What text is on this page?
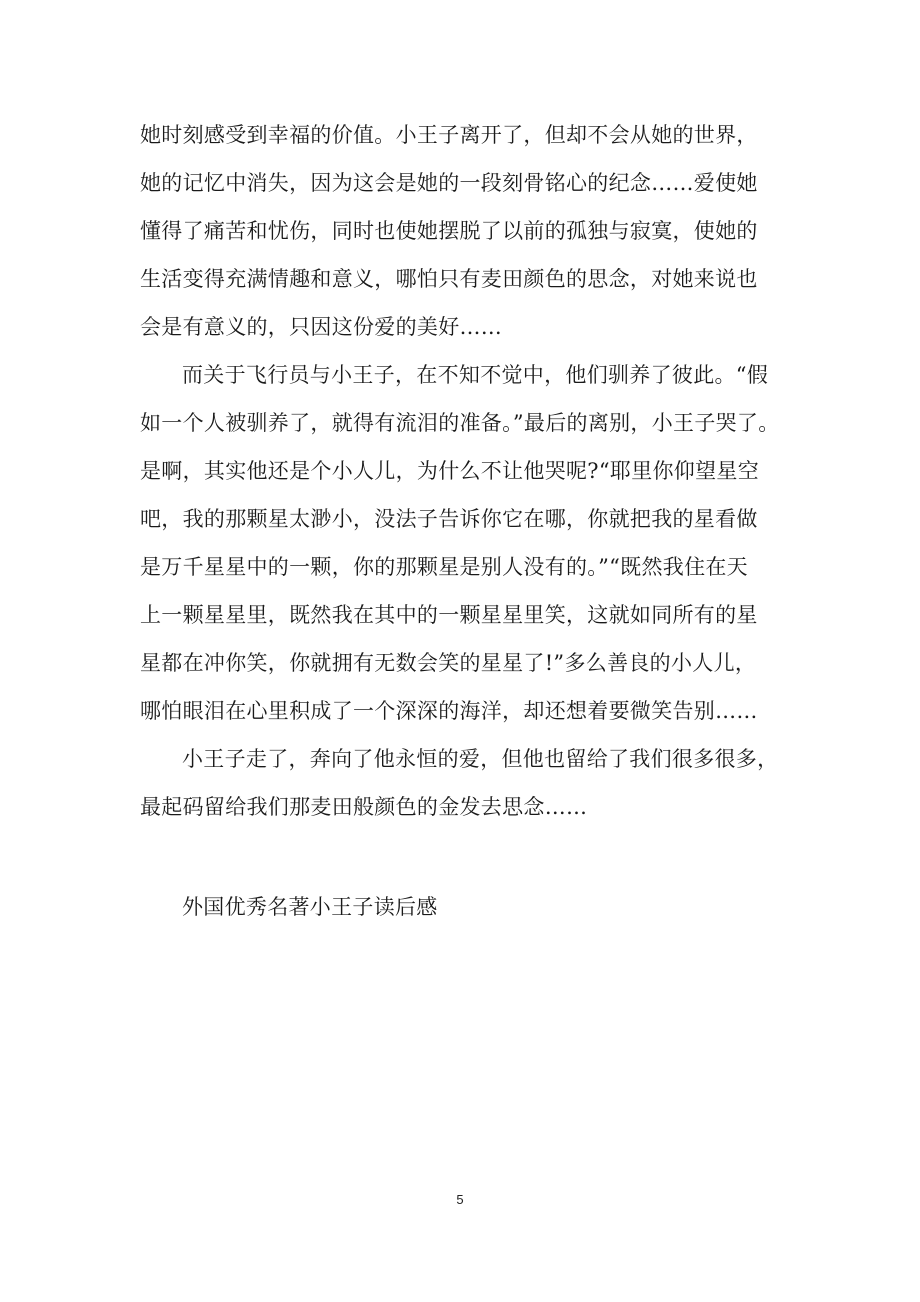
她时刻感受到幸福的价值。小王子离开了，但却不会从她的世界，
她的记忆中消失，因为这会是她的一段刻骨铭心的纪念……爱使她
懂得了痛苦和忧伤，同时也使她摆脱了以前的孤独与寂寞，使她的
生活变得充满情趣和意义，哪怕只有麦田颜色的思念，对她来说也
会是有意义的，只因这份爱的美好……
而关于飞行员与小王子，在不知不觉中，他们驯养了彼此。“假
如一个人被驯养了，就得有流泪的准备。”最后的离别，小王子哭了。
是啊，其实他还是个小人儿，为什么不让他哭呢?“耶里你仰望星空
吧，我的那颗星太渺小，没法子告诉你它在哪，你就把我的星看做
是万千星星中的一颗，你的那颗星是别人没有的。”“既然我住在天
上一颗星星里，既然我在其中的一颗星星里笑，这就如同所有的星
星都在冲你笑，你就拥有无数会笑的星星了!”多么善良的小人儿，
哪怕眼泪在心里积成了一个深深的海洋，却还想着要微笑告别……
小王子走了，奔向了他永恒的爱，但他也留给了我们很多很多，
最起码留给我们那麦田般颜色的金发去思念……
外国优秀名著小王子读后感
5
